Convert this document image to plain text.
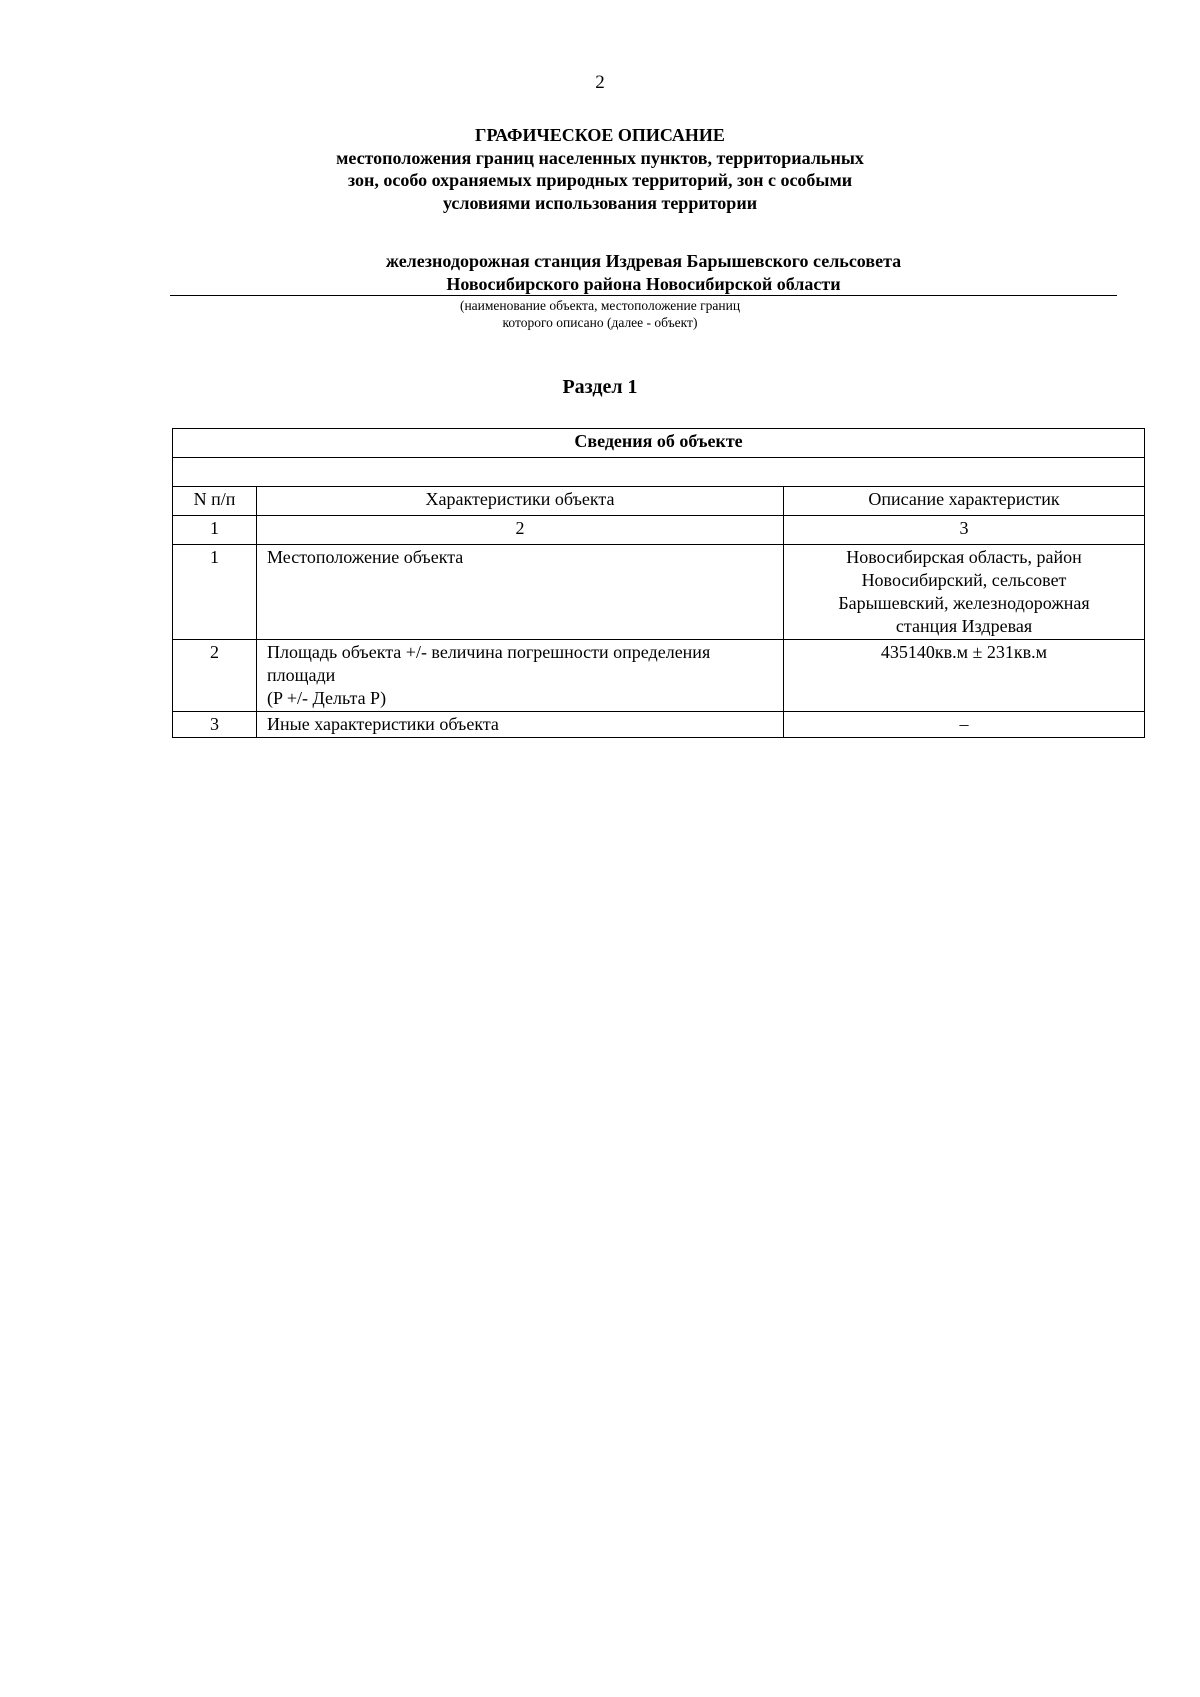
2
ГРАФИЧЕСКОЕ ОПИСАНИЕ
местоположения границ населенных пунктов, территориальных
зон, особо охраняемых природных территорий, зон с особыми
условиями использования территории
железнодорожная станция Издревая Барышевского сельсовета
Новосибирского района Новосибирской области
(наименование объекта, местоположение границ
которого описано (далее - объект)
Раздел 1
Сведения об объекте		

N п/п	Характеристики объекта	Описание характеристик
1	2	3
1	Местоположение объекта	Новосибирская область, район
Новосибирский, сельсовет
Барышевский, железнодорожная
станция Издревая

2	Площадь объекта +/- величина погрешности определения
площади
(P +/- Дельта P)	435140кв.м ± 231кв.м

3	Иные характеристики объекта	–
